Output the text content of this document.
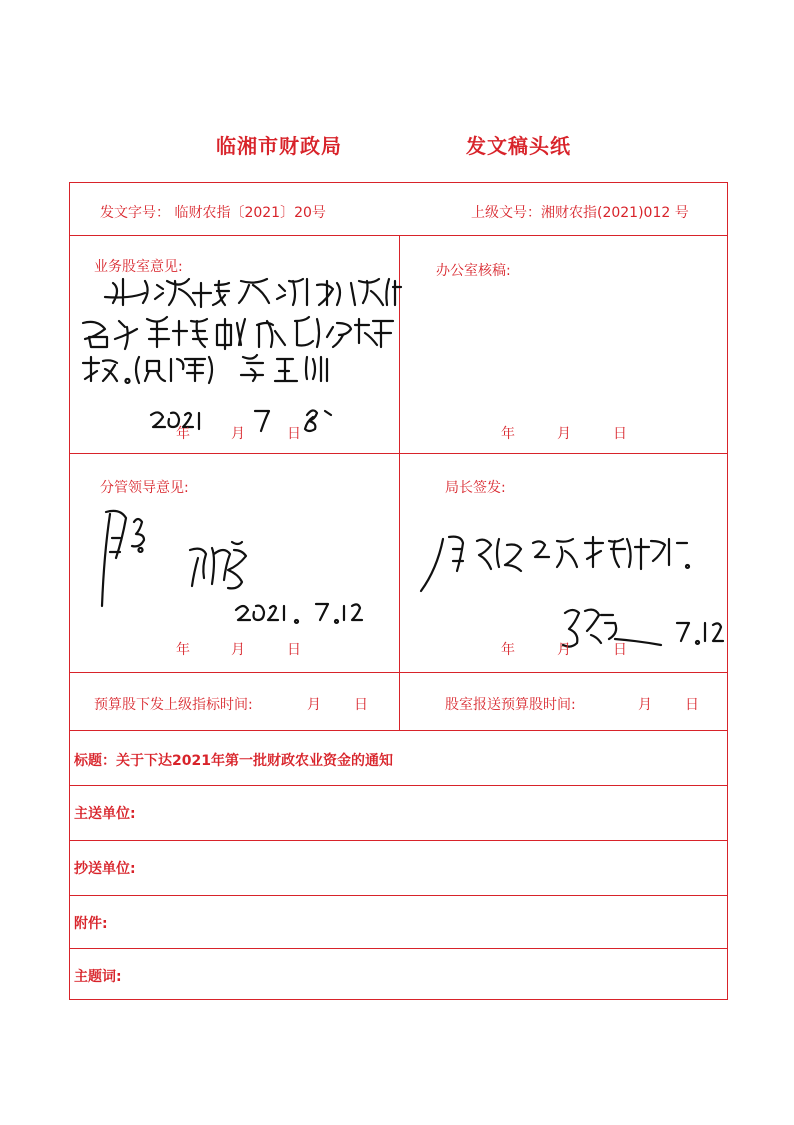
临湘市财政局	发文稿头纸
发文字号： 临财农指〔2021〕20号	上级文号：湘财农指(2021)012 号
业务股室意见:
年	月	日
办公室核稿:
年	月	日
分管领导意见:
年	月	日
局长签发:
年	月	日
预算股下发上级指标时间:	月 日	股室报送预算股时间:	月 日
标题：关于下达2021年第一批财政农业资金的通知
主送单位:
抄送单位:
附件:
主题词:
